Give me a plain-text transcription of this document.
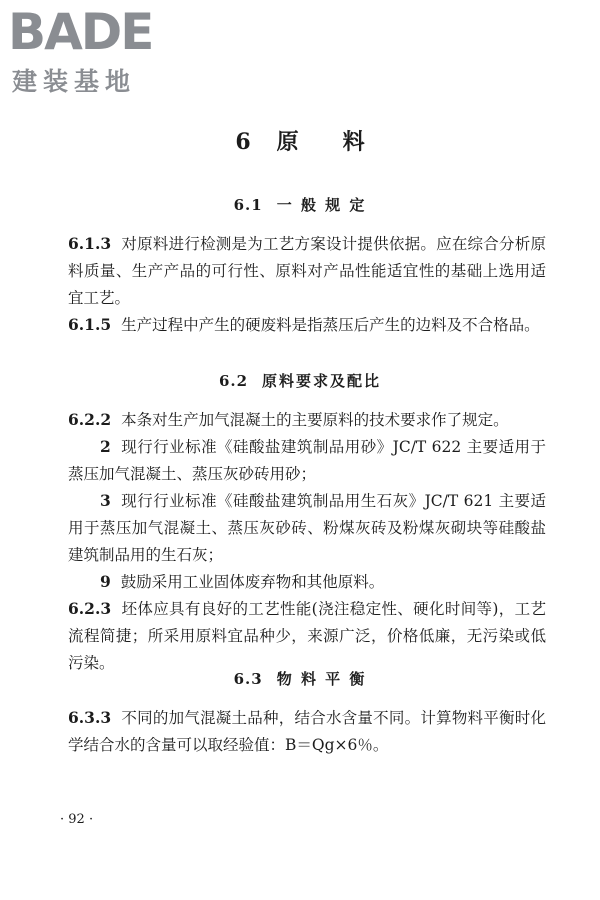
BADE
建装基地
6 原 料
6.1 一 般 规 定
6.1.3 对原料进行检测是为工艺方案设计提供依据。应在综合分析原料质量、生产产品的可行性、原料对产品性能适宜性的基础上选用适宜工艺。
6.1.5 生产过程中产生的硬废料是指蒸压后产生的边料及不合格品。
6.2 原料要求及配比
6.2.2 本条对生产加气混凝土的主要原料的技术要求作了规定。
2 现行行业标准《硅酸盐建筑制品用砂》JC/T 622 主要适用于蒸压加气混凝土、蒸压灰砂砖用砂；
3 现行行业标准《硅酸盐建筑制品用生石灰》JC/T 621 主要适用于蒸压加气混凝土、蒸压灰砂砖、粉煤灰砖及粉煤灰砌块等硅酸盐建筑制品用的生石灰；
9 鼓励采用工业固体废弃物和其他原料。
6.2.3 坯体应具有良好的工艺性能(浇注稳定性、硬化时间等)，工艺流程简捷；所采用原料宜品种少，来源广泛，价格低廉，无污染或低污染。
6.3 物 料 平 衡
6.3.3 不同的加气混凝土品种，结合水含量不同。计算物料平衡时化学结合水的含量可以取经验值：B＝Qg×6％。
· 92 ·
